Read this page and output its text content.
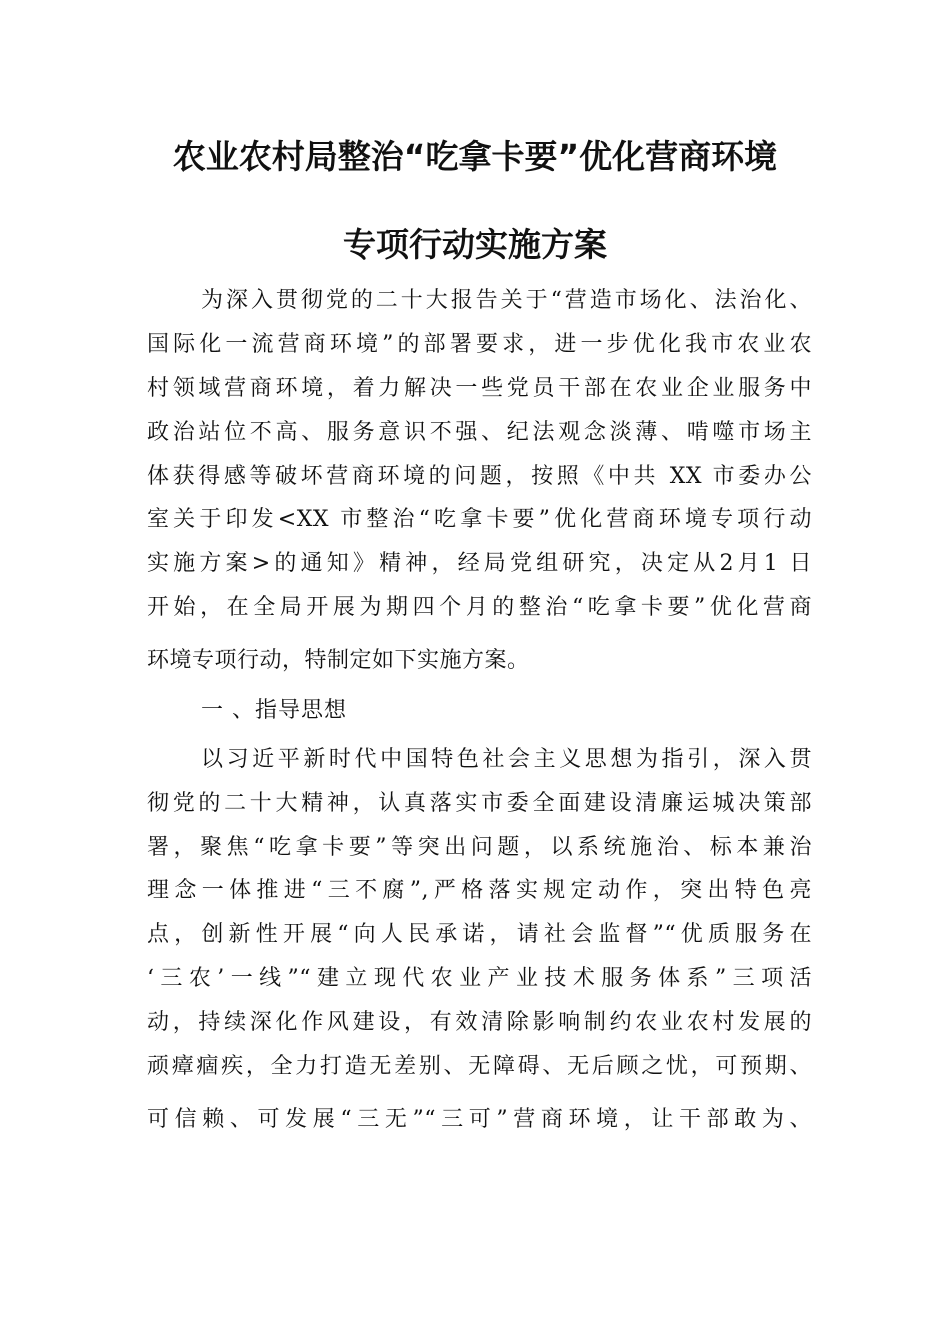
农业农村局整治“吃拿卡要”优化营商环境
专项行动实施方案
为深入贯彻党的二十大报告关于“营造市场化、法治化、
国际化一流营商环境”的部署要求，进一步优化我市农业农
村领域营商环境，着力解决一些党员干部在农业企业服务中
政治站位不高、服务意识不强、纪法观念淡薄、啃噬市场主
体获得感等破坏营商环境的问题，按照《中共 XX 市委办公
室关于印发<XX 市整治“吃拿卡要”优化营商环境专项行动
实施方案>的通知》精神，经局党组研究，决定从2月1 日
开始，在全局开展为期四个月的整治“吃拿卡要”优化营商
环境专项行动，特制定如下实施方案。
一 、指导思想
以习近平新时代中国特色社会主义思想为指引，深入贯
彻党的二十大精神，认真落实市委全面建设清廉运城决策部
署，聚焦“吃拿卡要”等突出问题，以系统施治、标本兼治
理念一体推进“三不腐”,严格落实规定动作，突出特色亮
点，创新性开展“向人民承诺，请社会监督”“优质服务在
‘三农’一线”“建立现代农业产业技术服务体系”三项活
动，持续深化作风建设，有效清除影响制约农业农村发展的
顽瘴痼疾，全力打造无差别、无障碍、无后顾之忧，可预期、
可信赖、可发展“三无”“三可”营商环境，让干部敢为、
